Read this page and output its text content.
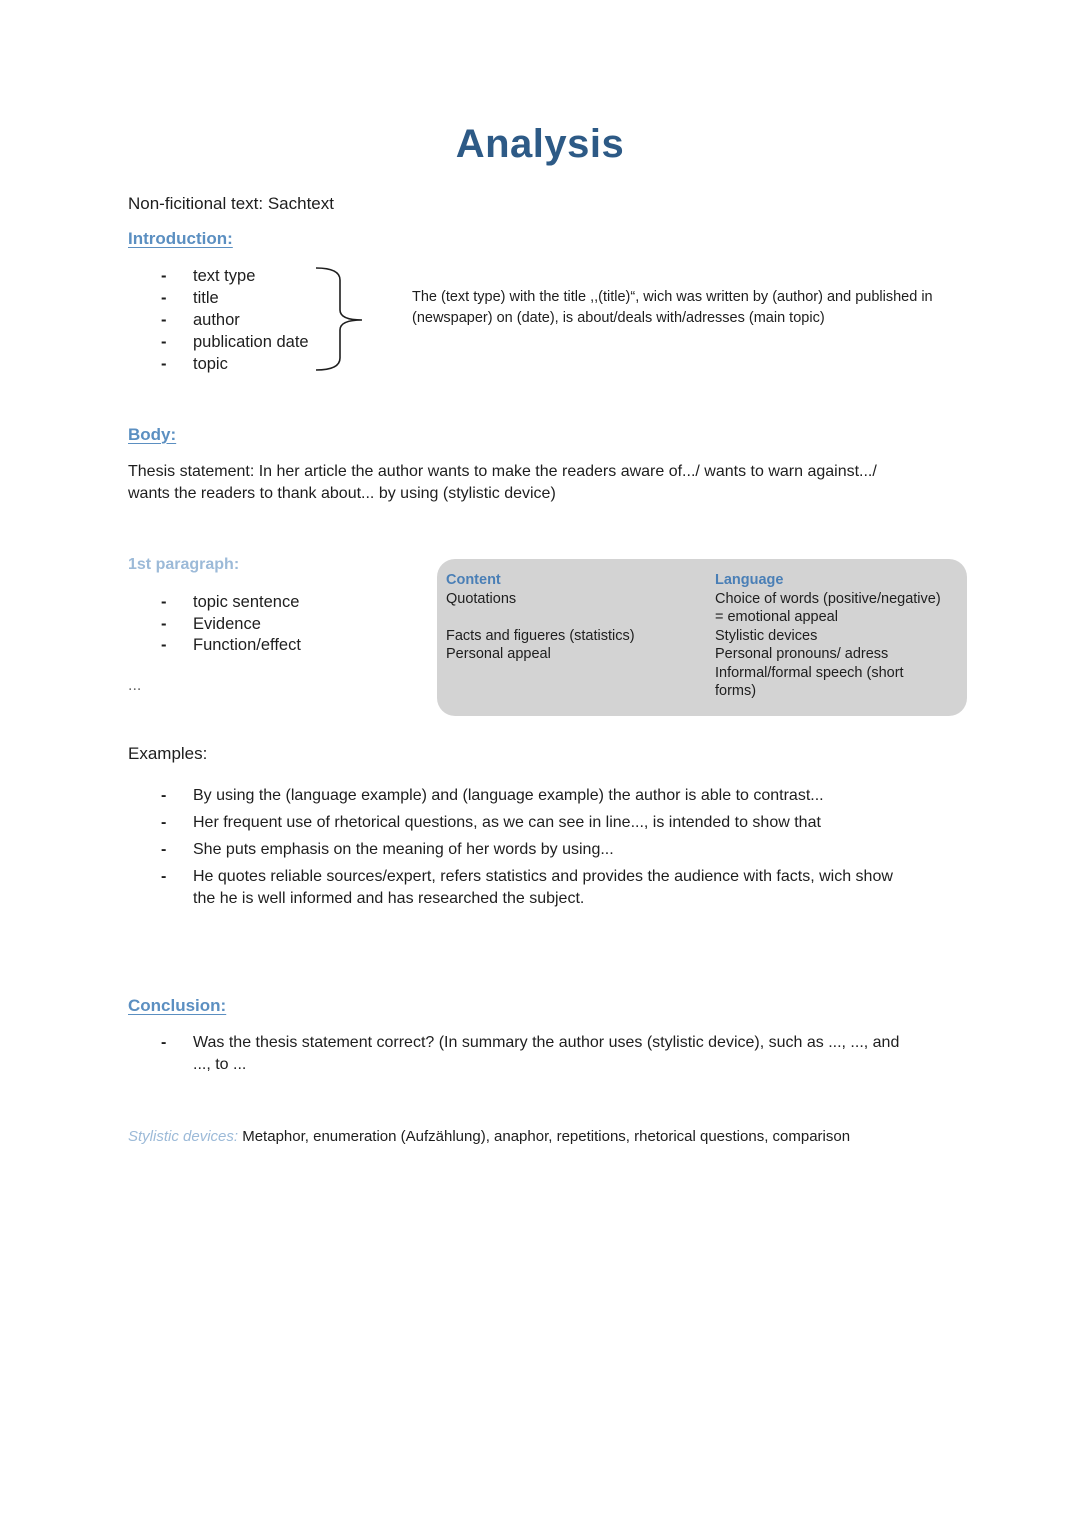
Analysis
Non-ficitional text: Sachtext
Introduction:
- text type
- title
- author
- publication date
- topic
The (text type) with the title ,,(title)“, wich was written by (author) and published in
(newspaper) on (date), is about/deals with/adresses (main topic)
Body:
Thesis statement: In her article the author wants to make the readers aware of.../ wants to warn against.../
wants the readers to thank about... by using (stylistic device)
1st paragraph:
- topic sentence
- Evidence
- Function/effect
...
Content
Quotations
Facts and figueres (statistics)
Personal appeal
Language
Choice of words (positive/negative)
= emotional appeal
Stylistic devices
Personal pronouns/ adress
Informal/formal speech (short
forms)
Examples:
- By using the (language example) and (language example) the author is able to contrast...
- Her frequent use of rhetorical questions, as we can see in line..., is intended to show that
- She puts emphasis on the meaning of her words by using...
- He quotes reliable sources/expert, refers statistics and provides the audience with facts, wich show
the he is well informed and has researched the subject.
Conclusion:
- Was the thesis statement correct? (In summary the author uses (stylistic device), such as ..., ..., and
..., to ...
Stylistic devices: Metaphor, enumeration (Aufzählung), anaphor, repetitions, rhetorical questions, comparison
